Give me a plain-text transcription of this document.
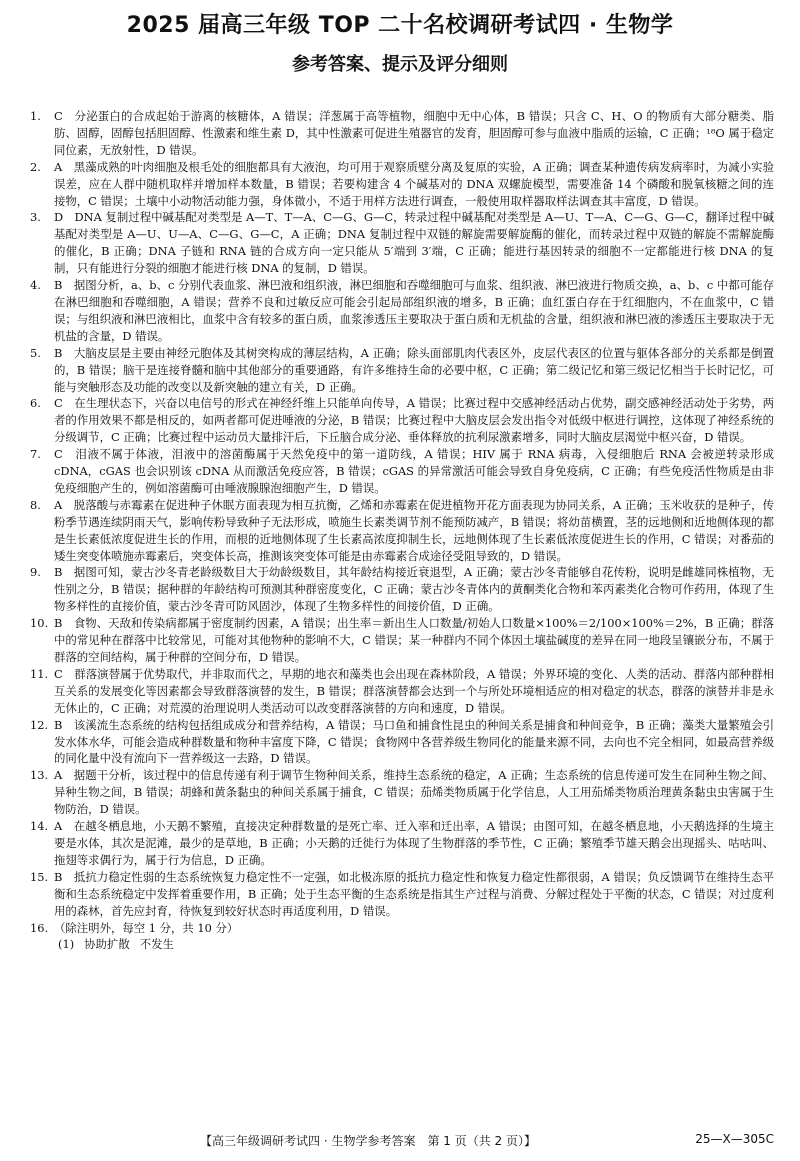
2025 届高三年级 TOP 二十名校调研考试四 · 生物学
参考答案、提示及评分细则
1.	C　分泌蛋白的合成起始于游离的核糖体，A 错误；洋葱属于高等植物，细胞中无中心体，B 错误；只含 C、H、O 的物质有大部分糖类、脂肪、固醇，固醇包括胆固醇、性激素和维生素 D，其中性激素可促进生殖器官的发育，胆固醇可参与血液中脂质的运输，C 正确；¹⁸O 属于稳定同位素，无放射性，D 错误。
2.	A　黑藻成熟的叶肉细胞及根毛处的细胞都具有大液泡，均可用于观察质壁分离及复原的实验，A 正确；调查某种遗传病发病率时，为减小实验误差，应在人群中随机取样并增加样本数量，B 错误；若要构建含 4 个碱基对的 DNA 双螺旋模型，需要准备 14 个磷酸和脱氧核糖之间的连接物，C 错误；土壤中小动物活动能力强，身体微小，不适于用样方法进行调查，一般使用取样器取样法调查其丰富度，D 错误。
3.	D　DNA 复制过程中碱基配对类型是 A—T、T—A、C—G、G—C，转录过程中碱基配对类型是 A—U、T—A、C—G、G—C，翻译过程中碱基配对类型是 A—U、U—A、C—G、G—C，A 正确；DNA 复制过程中双链的解旋需要解旋酶的催化，而转录过程中双链的解旋不需解旋酶的催化，B 正确；DNA 子链和 RNA 链的合成方向一定只能从 5′端到 3′端，C 正确；能进行基因转录的细胞不一定都能进行核 DNA 的复制，只有能进行分裂的细胞才能进行核 DNA 的复制，D 错误。
4.	B　据图分析，a、b、c 分别代表血浆、淋巴液和组织液，淋巴细胞和吞噬细胞可与血浆、组织液、淋巴液进行物质交换，a、b、c 中都可能存在淋巴细胞和吞噬细胞，A 错误；营养不良和过敏反应可能会引起局部组织液的增多，B 正确；血红蛋白存在于红细胞内，不在血浆中，C 错误；与组织液和淋巴液相比，血浆中含有较多的蛋白质，血浆渗透压主要取决于蛋白质和无机盐的含量，组织液和淋巴液的渗透压主要取决于无机盐的含量，D 错误。
5.	B　大脑皮层是主要由神经元胞体及其树突构成的薄层结构，A 正确；除头面部肌肉代表区外，皮层代表区的位置与躯体各部分的关系都是倒置的，B 错误；脑干是连接脊髓和脑中其他部分的重要通路，有许多维持生命的必要中枢，C 正确；第二级记忆和第三级记忆相当于长时记忆，可能与突触形态及功能的改变以及新突触的建立有关，D 正确。
6.	C　在生理状态下，兴奋以电信号的形式在神经纤维上只能单向传导，A 错误；比赛过程中交感神经活动占优势，副交感神经活动处于劣势，两者的作用效果不都是相反的，如两者都可促进唾液的分泌，B 错误；比赛过程中大脑皮层会发出指令对低级中枢进行调控，这体现了神经系统的分级调节，C 正确；比赛过程中运动员大量排汗后，下丘脑合成分泌、垂体释放的抗利尿激素增多，同时大脑皮层渴觉中枢兴奋，D 错误。
7.	C　泪液不属于体液，泪液中的溶菌酶属于天然免疫中的第一道防线，A 错误；HIV 属于 RNA 病毒，入侵细胞后 RNA 会被逆转录形成 cDNA，cGAS 也会识别该 cDNA 从而激活免疫应答，B 错误；cGAS 的异常激活可能会导致自身免疫病，C 正确；有些免疫活性物质是由非免疫细胞产生的，例如溶菌酶可由唾液腺腺泡细胞产生，D 错误。
8.	A　脱落酸与赤霉素在促进种子休眠方面表现为相互抗衡，乙烯和赤霉素在促进植物开花方面表现为协同关系，A 正确；玉米收获的是种子，传粉季节遇连续阴雨天气，影响传粉导致种子无法形成，喷施生长素类调节剂不能预防减产，B 错误；将幼苗横置，茎的远地侧和近地侧体现的都是生长素低浓度促进生长的作用，而根的近地侧体现了生长素高浓度抑制生长，远地侧体现了生长素低浓度促进生长的作用，C 错误；对番茄的矮生突变体喷施赤霉素后，突变体长高，推测该突变体可能是由赤霉素合成途径受阻导致的，D 错误。
9.	B　据图可知，蒙古沙冬青老龄级数目大于幼龄级数目，其年龄结构接近衰退型，A 正确；蒙古沙冬青能够自花传粉，说明是雌雄同株植物，无性别之分，B 错误；据种群的年龄结构可预测其种群密度变化，C 正确；蒙古沙冬青体内的黄酮类化合物和苯丙素类化合物可作药用，体现了生物多样性的直接价值，蒙古沙冬青可防风固沙，体现了生物多样性的间接价值，D 正确。
10. B　食物、天敌和传染病都属于密度制约因素，A 错误；出生率＝新出生人口数量/初始人口数量×100%＝2/100×100%＝2%，B 正确；群落中的常见种在群落中比较常见，可能对其他物种的影响不大，C 错误；某一种群内不同个体因土壤盐碱度的差异在同一地段呈镶嵌分布，不属于群落的空间结构，属于种群的空间分布，D 错误。
11. C　群落演替属于优势取代，并非取而代之，早期的地衣和藻类也会出现在森林阶段，A 错误；外界环境的变化、人类的活动、群落内部种群相互关系的发展变化等因素都会导致群落演替的发生，B 错误；群落演替都会达到一个与所处环境相适应的相对稳定的状态，群落的演替并非是永无休止的，C 正确；对荒漠的治理说明人类活动可以改变群落演替的方向和速度，D 错误。
12. B　该溪流生态系统的结构包括组成成分和营养结构，A 错误；马口鱼和捕食性昆虫的种间关系是捕食和种间竞争，B 正确；藻类大量繁殖会引发水体水华，可能会造成种群数量和物种丰富度下降，C 错误；食物网中各营养级生物同化的能量来源不同，去向也不完全相同，如最高营养级的同化量中没有流向下一营养级这一去路，D 错误。
13. A　据题干分析，该过程中的信息传递有利于调节生物种间关系，维持生态系统的稳定，A 正确；生态系统的信息传递可发生在同种生物之间、异种生物之间，B 错误；胡蜂和黄条黏虫的种间关系属于捕食，C 错误；茄烯类物质属于化学信息，人工用茄烯类物质治理黄条黏虫虫害属于生物防治，D 错误。
14. A　在越冬栖息地，小天鹅不繁殖，直接决定种群数量的是死亡率、迁入率和迁出率，A 错误；由图可知，在越冬栖息地，小天鹅选择的生境主要是水体，其次是泥滩，最少的是草地，B 正确；小天鹅的迁徙行为体现了生物群落的季节性，C 正确；繁殖季节雄天鹅会出现摇头、咕咕叫、拖翅等求偶行为，属于行为信息，D 正确。
15. B　抵抗力稳定性弱的生态系统恢复力稳定性不一定强，如北极冻原的抵抗力稳定性和恢复力稳定性都很弱，A 错误；负反馈调节在维持生态平衡和生态系统稳定中发挥着重要作用，B 正确；处于生态平衡的生态系统是指其生产过程与消费、分解过程处于平衡的状态，C 错误；对过度利用的森林，首先应封育，待恢复到较好状态时再适度利用，D 错误。
16. （除注明外，每空 1 分，共 10 分）
(1) 协助扩散 不发生
【高三年级调研考试四 · 生物学参考答案　第 1 页（共 2 页）】	25—X—305C
